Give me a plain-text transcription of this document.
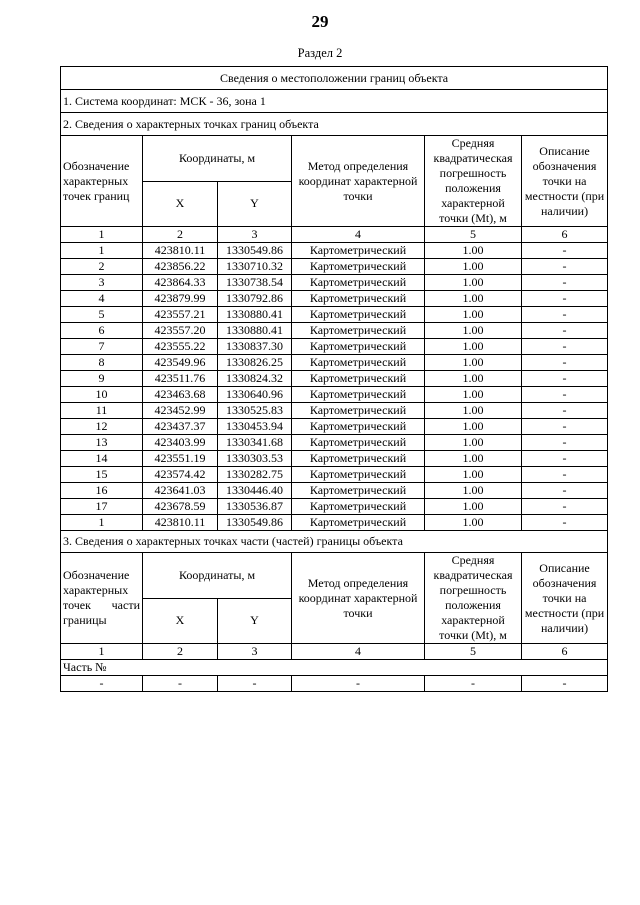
29
Раздел 2
Сведения о местоположении границ объекта					
1. Система координат: МСК - 36, зона 1					
2. Сведения о характерных точках границ объекта					
Обозначение характерных точек границ	Координаты, м		Метод определения координат характерной точки	Средняя квадратическая погрешность положения характерной точки (Mt), м	Описание обозначения точки на местности (при наличии)
	X	Y			
1	2	3	4	5	6
1	423810.11	1330549.86	Картометрический	1.00	-
2	423856.22	1330710.32	Картометрический	1.00	-
3	423864.33	1330738.54	Картометрический	1.00	-
4	423879.99	1330792.86	Картометрический	1.00	-
5	423557.21	1330880.41	Картометрический	1.00	-
6	423557.20	1330880.41	Картометрический	1.00	-
7	423555.22	1330837.30	Картометрический	1.00	-
8	423549.96	1330826.25	Картометрический	1.00	-
9	423511.76	1330824.32	Картометрический	1.00	-
10	423463.68	1330640.96	Картометрический	1.00	-
11	423452.99	1330525.83	Картометрический	1.00	-
12	423437.37	1330453.94	Картометрический	1.00	-
13	423403.99	1330341.68	Картометрический	1.00	-
14	423551.19	1330303.53	Картометрический	1.00	-
15	423574.42	1330282.75	Картометрический	1.00	-
16	423641.03	1330446.40	Картометрический	1.00	-
17	423678.59	1330536.87	Картометрический	1.00	-
1	423810.11	1330549.86	Картометрический	1.00	-
3. Сведения о характерных точках части (частей) границы объекта					
Обозначение характерных точек части границы	Координаты, м		Метод определения координат характерной точки	Средняя квадратическая погрешность положения характерной точки (Mt), м	Описание обозначения точки на местности (при наличии)
	X	Y			
1	2	3	4	5	6
Часть №					
-	-	-	-	-	-
